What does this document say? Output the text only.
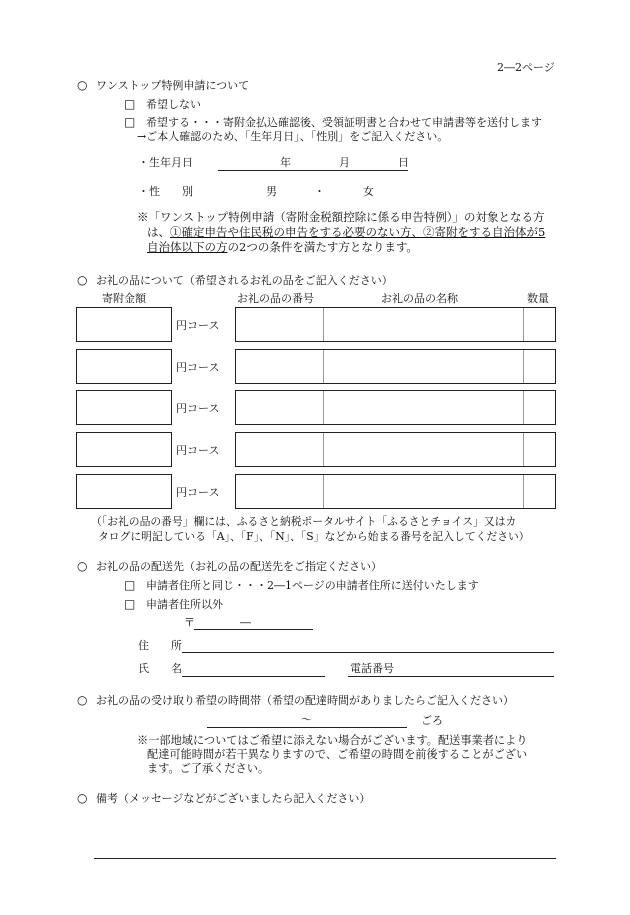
2―2ページ
○ ワンストップ特例申請について
□ 希望しない
□ 希望する・・・寄附金払込確認後、受領証明書と合わせて申請書等を送付します
→ご本人確認のため、「生年月日」、「性別」をご記入ください。
・生年月日	年	月	日
・性　　別	男	・	女
※「ワンストップ特例申請（寄附金税額控除に係る申告特例）」の対象となる方
は、①確定申告や住民税の申告をする必要のない方、②寄附をする自治体が5
自治体以下の方の2つの条件を満たす方となります。
○ お礼の品について（希望されるお礼の品をご記入ください）
寄附金額	お礼の品の番号	お礼の品の名称	数量
円コース
円コース
円コース
円コース
円コース
（「お礼の品の番号」欄には、ふるさと納税ポータルサイト「ふるさとチョイス」又はカ
タログに明記している「A」、「F」、「N」、「S」などから始まる番号を記入してください）
○ お礼の品の配送先（お礼の品の配送先をご指定ください）
□ 申請者住所と同じ・・・2―1ページの申請者住所に送付いたします
□ 申請者住所以外
〒	―
住　　所
氏　　名	電話番号
○ お礼の品の受け取り希望の時間帯（希望の配達時間がありましたらご記入ください）
～	ごろ
※一部地域についてはご希望に添えない場合がございます。配送事業者により
配達可能時間が若干異なりますので、ご希望の時間を前後することがござい
ます。ご了承ください。
○ 備考（メッセージなどがございましたら記入ください）
